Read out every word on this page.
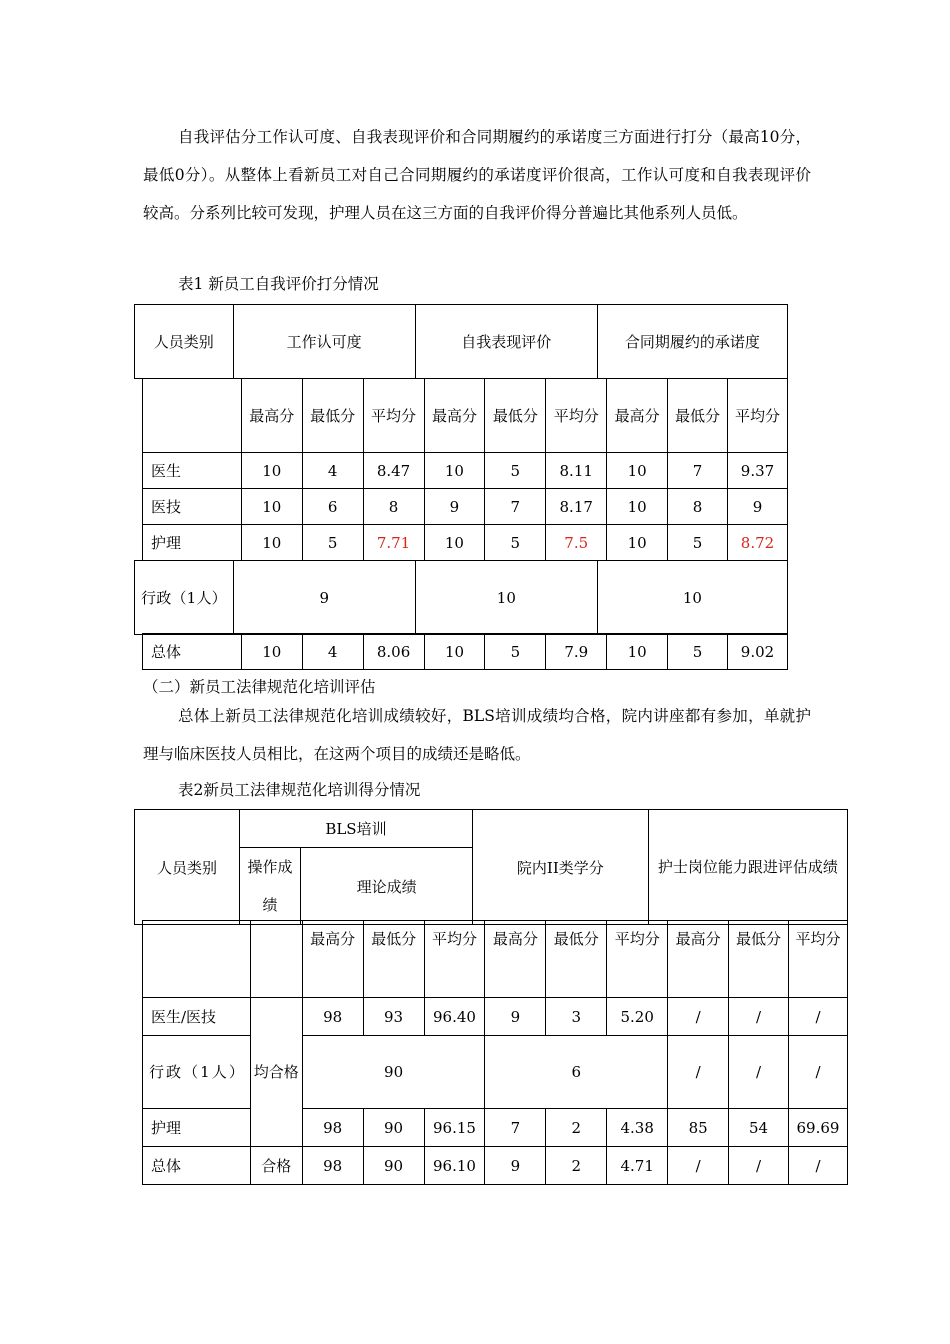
自我评估分工作认可度、自我表现评价和合同期履约的承诺度三方面进行打分（最高10分，最低0分）。从整体上看新员工对自己合同期履约的承诺度评价很高，工作认可度和自我表现评价较高。分系列比较可发现，护理人员在这三方面的自我评价得分普遍比其他系列人员低。

表1 新员工自我评价打分情况

人员类别	工作认可度	自我表现评价	合同期履约的承诺度
	最高分	最低分	平均分	最高分	最低分	平均分	最高分	最低分	平均分
医生	10	4	8.47	10	5	8.11	10	7	9.37
医技	10	6	8	9	7	8.17	10	8	9
护理	10	5	7.71	10	5	7.5	10	5	8.72
行政（1人）	9	10	10
总体	10	4	8.06	10	5	7.9	10	5	9.02

（二）新员工法律规范化培训评估

总体上新员工法律规范化培训成绩较好，BLS培训成绩均合格，院内讲座都有参加，单就护理与临床医技人员相比，在这两个项目的成绩还是略低。

表2新员工法律规范化培训得分情况

人员类别	BLS培训		院内II类学分	护士岗位能力跟进评估成绩
	操作成绩	理论成绩		
		最高分	最低分	平均分	最高分	最低分	平均分	最高分	最低分	平均分
医生/医技	均合格	98	93	96.40	9	3	5.20	/	/	/
行政（1人）		90			6			/	/	/
护理		98	90	96.15	7	2	4.38	85	54	69.69
总体	合格	98	90	96.10	9	2	4.71	/	/	/
